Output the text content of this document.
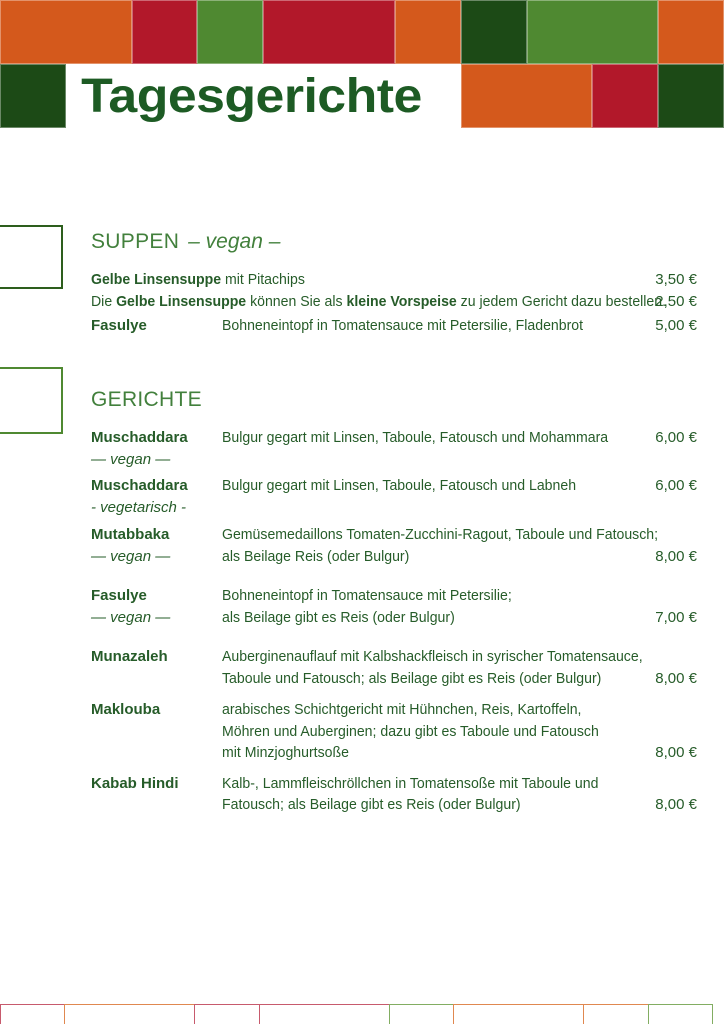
Tagesgerichte
SUPPEN – vegan –
Gelbe Linsensuppe mit Pitachips	3,50 €
Die Gelbe Linsensuppe können Sie als kleine Vorspeise zu jedem Gericht dazu bestellen.
2,50 €
Fasulye	Bohneneintopf in Tomatensauce mit Petersilie, Fladenbrot	5,00 €
GERICHTE
Muschaddara
— vegan —
Bulgur gegart mit Linsen, Taboule, Fatousch und Mohammara	6,00 €
Muschaddara
- vegetarisch -
Bulgur gegart mit Linsen, Taboule, Fatousch und Labneh	6,00 €
Mutabbaka
— vegan —
Gemüsemedaillons Tomaten-Zucchini-Ragout, Taboule und Fatousch;
als Beilage Reis (oder Bulgur)	8,00 €
Fasulye
— vegan —
Bohneneintopf in Tomatensauce mit Petersilie;
als Beilage gibt es Reis (oder Bulgur)	7,00 €
Munazaleh	Auberginenauflauf mit Kalbshackfleisch in syrischer Tomatensauce,
Taboule und Fatousch; als Beilage gibt es Reis (oder Bulgur)	8,00 €
Maklouba	arabisches Schichtgericht mit Hühnchen, Reis, Kartoffeln,
Möhren und Auberginen; dazu gibt es Taboule und Fatousch
mit Minzjoghurtsoße	8,00 €
Kabab Hindi	Kalb-, Lammfleischröllchen in Tomatensoße mit Taboule und
Fatousch; als Beilage gibt es Reis (oder Bulgur)	8,00 €
